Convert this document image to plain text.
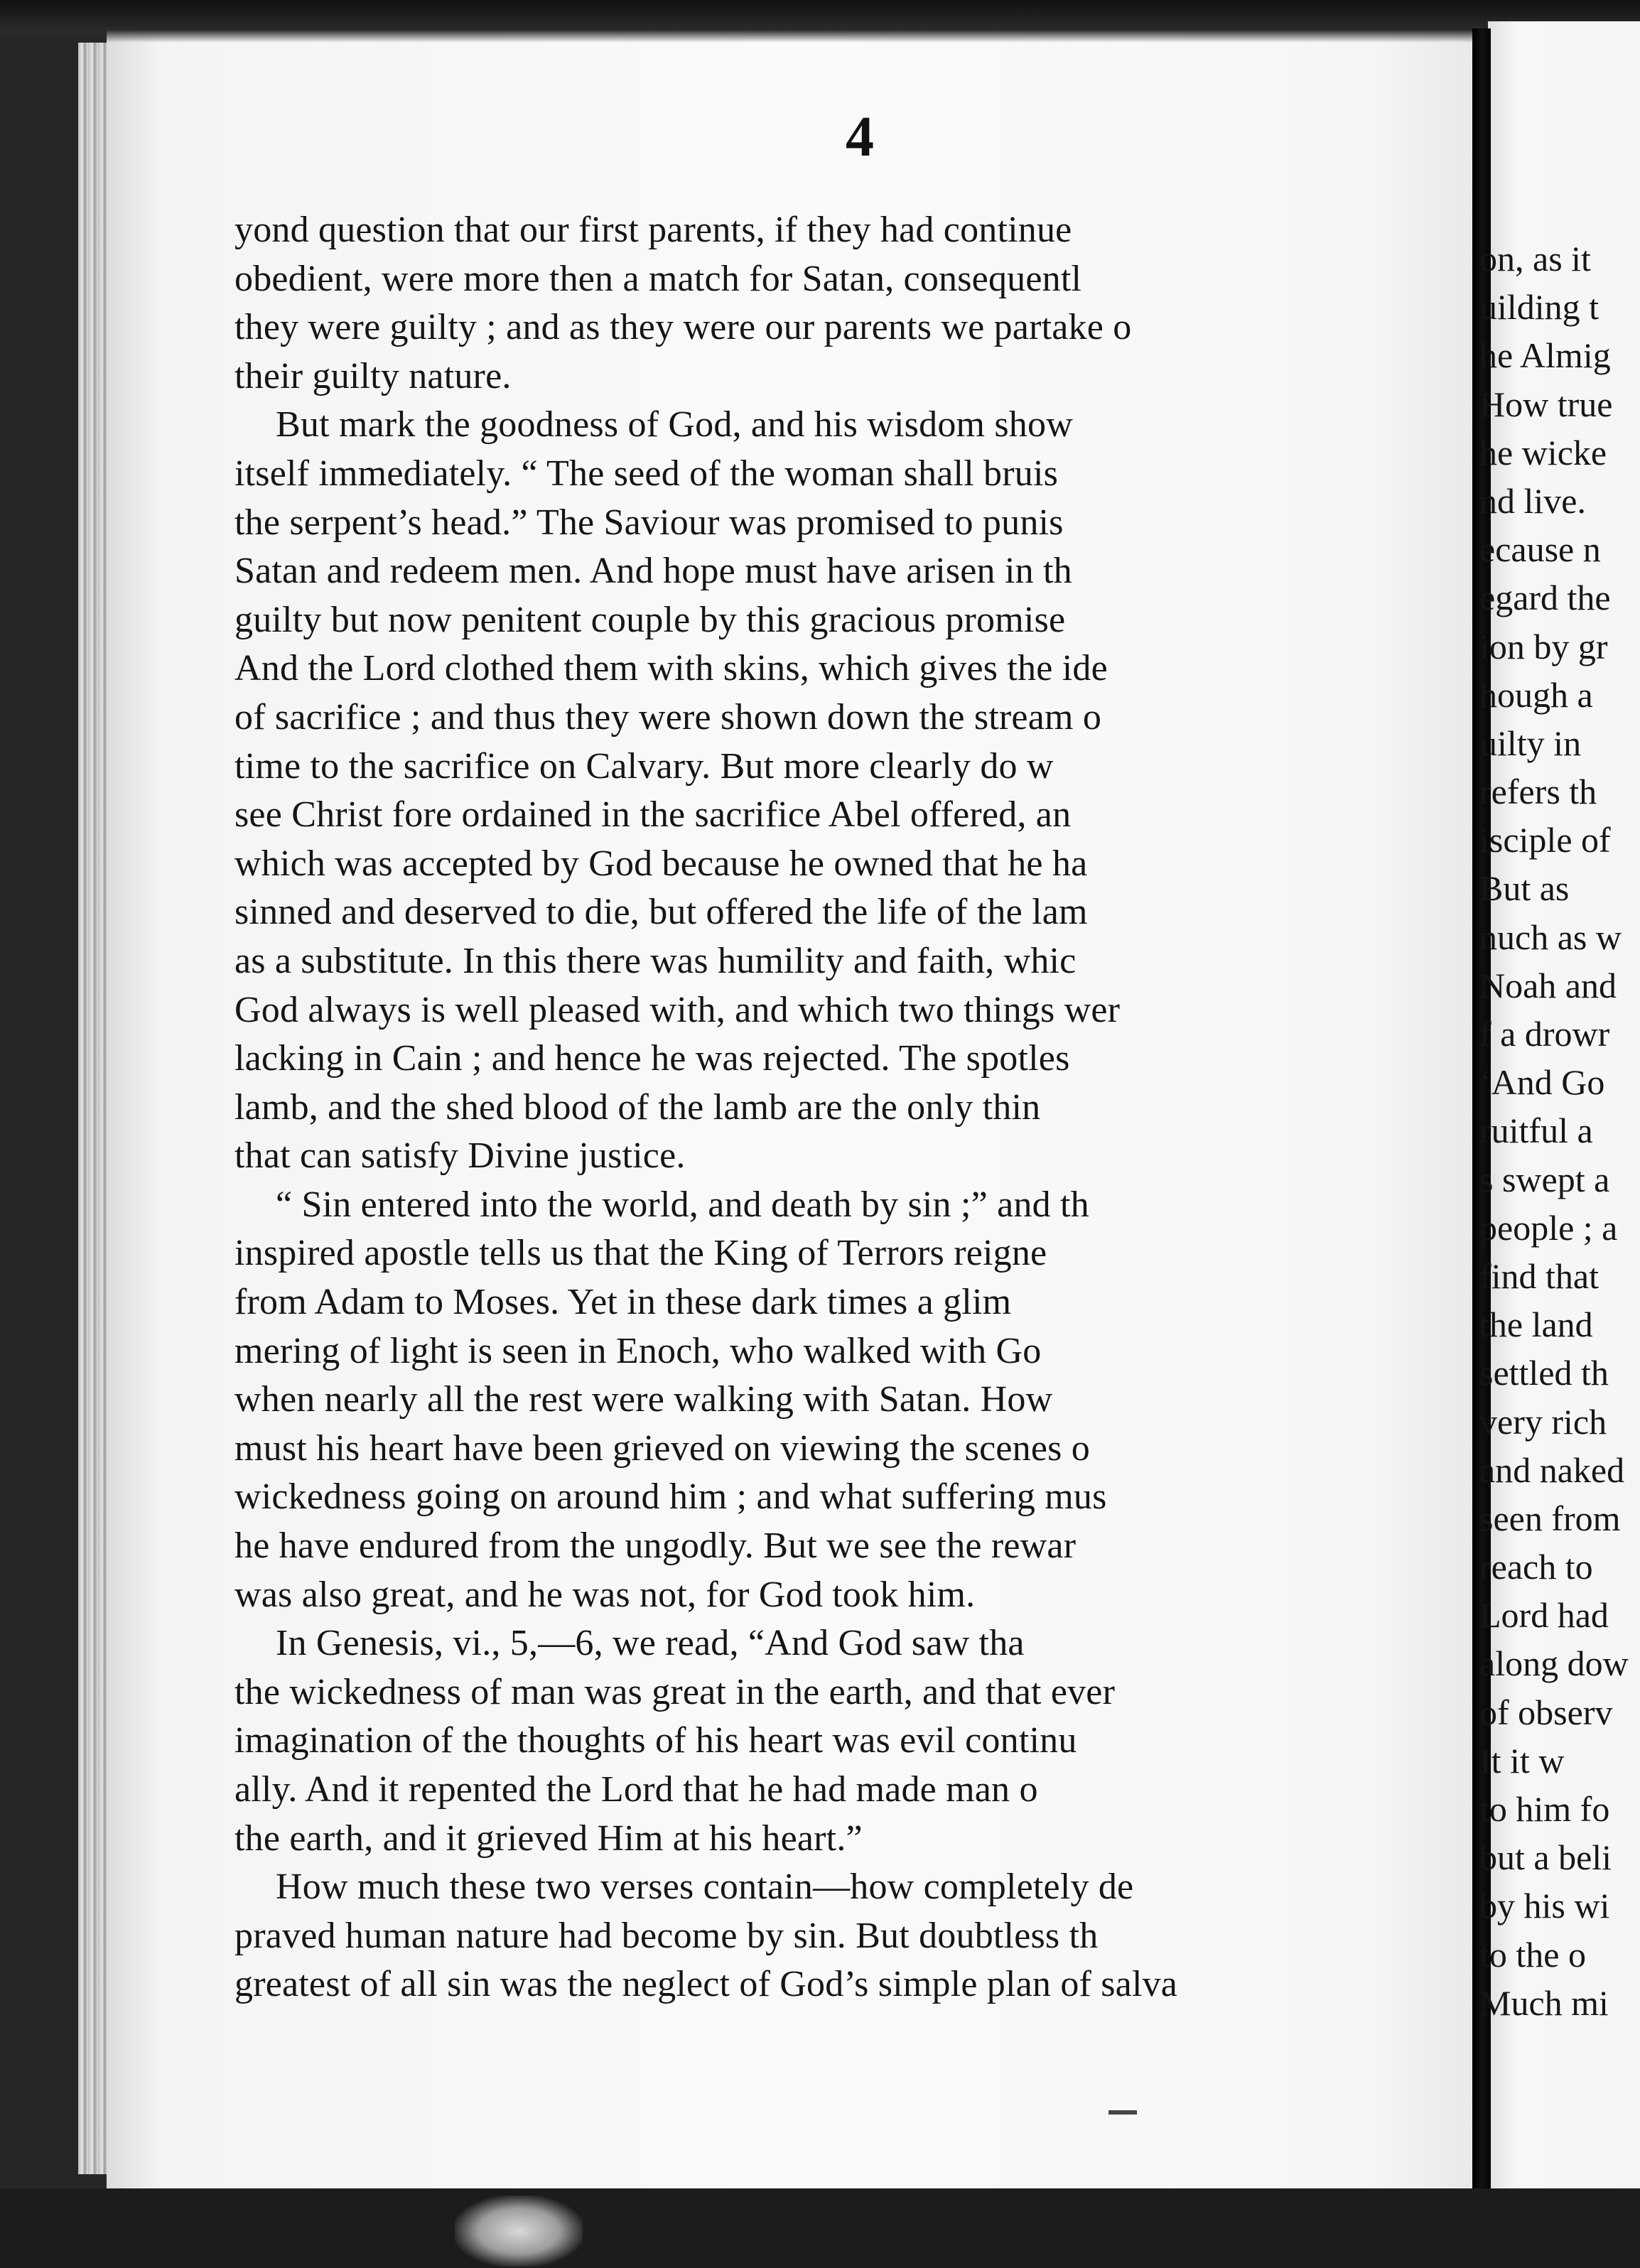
4
yond question that our first parents, if they had continue
obedient, were more then a match for Satan, consequentl
they were guilty ; and as they were our parents we partake o
their guilty nature.
But mark the goodness of God, and his wisdom show
itself immediately. “ The seed of the woman shall bruis
the serpent’s head.” The Saviour was promised to punis
Satan and redeem men. And hope must have arisen in th
guilty but now penitent couple by this gracious promise
And the Lord clothed them with skins, which gives the ide
of sacrifice ; and thus they were shown down the stream o
time to the sacrifice on Calvary. But more clearly do w
see Christ fore ordained in the sacrifice Abel offered, an
which was accepted by God because he owned that he ha
sinned and deserved to die, but offered the life of the lam
as a substitute. In this there was humility and faith, whic
God always is well pleased with, and which two things wer
lacking in Cain ; and hence he was rejected. The spotles
lamb, and the shed blood of the lamb are the only thin
that can satisfy Divine justice.
“ Sin entered into the world, and death by sin ;” and th
inspired apostle tells us that the King of Terrors reigne
from Adam to Moses. Yet in these dark times a glim
mering of light is seen in Enoch, who walked with Go
when nearly all the rest were walking with Satan. How
must his heart have been grieved on viewing the scenes o
wickedness going on around him ; and what suffering mus
he have endured from the ungodly. But we see the rewar
was also great, and he was not, for God took him.
In Genesis, vi., 5,—6, we read, “And God saw tha
the wickedness of man was great in the earth, and that ever
imagination of the thoughts of his heart was evil continu
ally. And it repented the Lord that he had made man o
the earth, and it grieved Him at his heart.”
How much these two verses contain—how completely de
praved human nature had become by sin. But doubtless th
greatest of all sin was the neglect of God’s simple plan of salva
on, as it
uilding t
he Almig
How true
he wicke
nd live.
ecause n
egard the
ion by gr
hough a
uilty in
refers th
isciple of
But as
nuch as w
Noah and
f a drowr
‘And Go
ruitful a
s swept a
people ; a
find that
the land
settled th
very rich
and naked
seen from
reach to
Lord had
along dow
of observ
It it w
to him fo
but a beli
by his wi
to the o
Much mi
